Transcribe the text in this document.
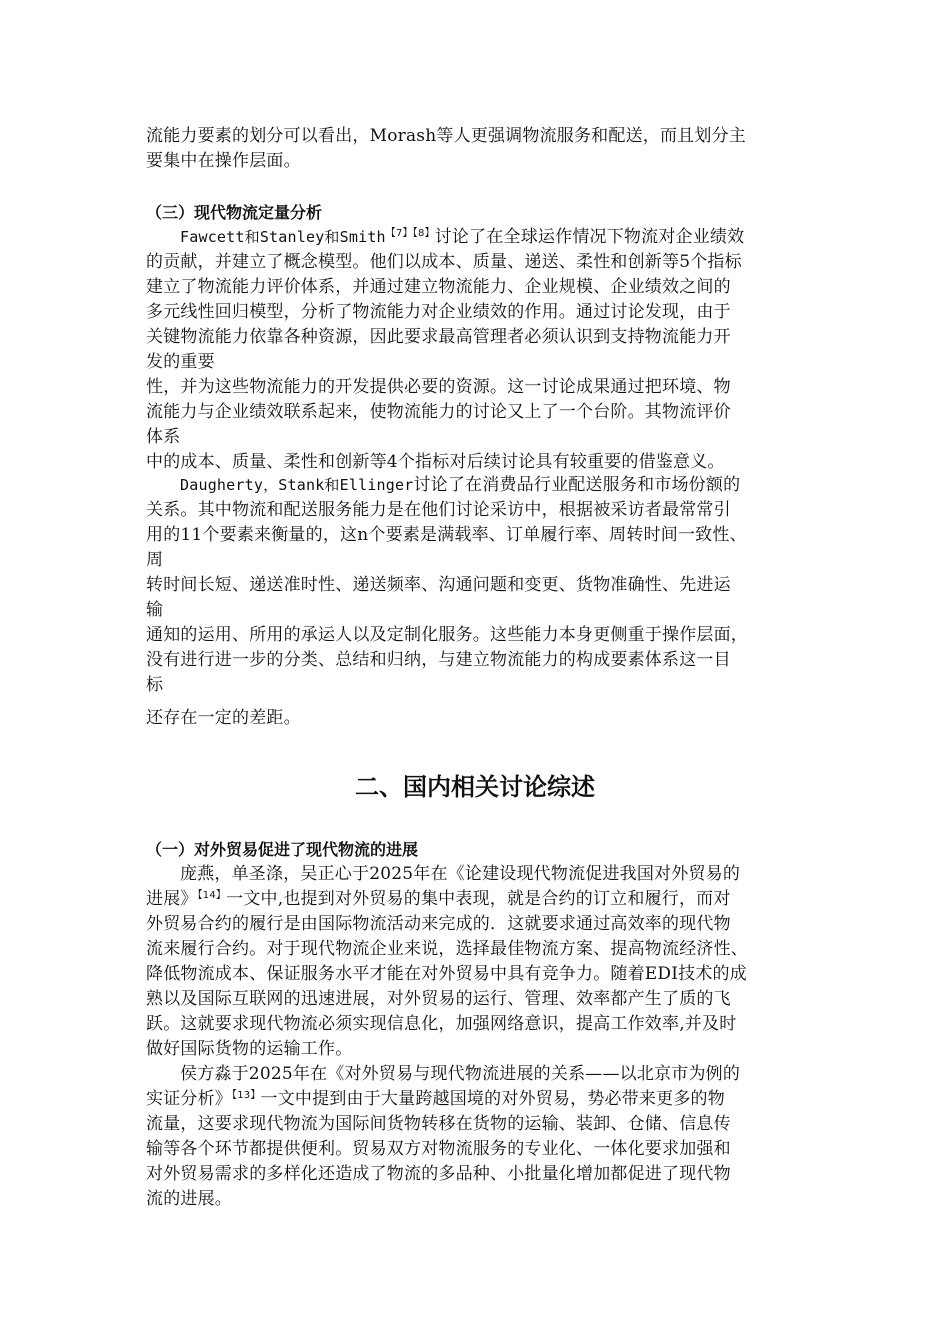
流能力要素的划分可以看出，Morash等人更强调物流服务和配送，而且划分主
要集中在操作层面。
（三）现代物流定量分析
Fawcett和Stanley和Smith$^{【7】【8】}$讨论了在全球运作情况下物流对企业绩效
的贡献，并建立了概念模型。他们以成本、质量、递送、柔性和创新等5个指标
建立了物流能力评价体系，并通过建立物流能力、企业规模、企业绩效之间的
多元线性回归模型，分析了物流能力对企业绩效的作用。通过讨论发现，由于
关键物流能力依靠各种资源，因此要求最高管理者必须认识到支持物流能力开
发的重要
性，并为这些物流能力的开发提供必要的资源。这一讨论成果通过把环境、物
流能力与企业绩效联系起来，使物流能力的讨论又上了一个台阶。其物流评价
体系
中的成本、质量、柔性和创新等4个指标对后续讨论具有较重要的借鉴意义。
Daugherty，Stank和Ellinger讨论了在消费品行业配送服务和市场份额的
关系。其中物流和配送服务能力是在他们讨论采访中，根据被采访者最常常引
用的11个要素来衡量的，这n个要素是满载率、订单履行率、周转时间一致性、
周
转时间长短、递送准时性、递送频率、沟通问题和变更、货物准确性、先进运
输
通知的运用、所用的承运人以及定制化服务。这些能力本身更侧重于操作层面，
没有进行进一步的分类、总结和归纳，与建立物流能力的构成要素体系这一目
标
还存在一定的差距。
二、国内相关讨论综述
（一）对外贸易促进了现代物流的进展
庞燕，单圣涤，吴正心于2025年在《论建设现代物流促进我国对外贸易的
进展》$^{【14】}$一文中,也提到对外贸易的集中表现，就是合约的订立和履行，而对
外贸易合约的履行是由国际物流活动来完成的．这就要求通过高效率的现代物
流来履行合约。对于现代物流企业来说，选择最佳物流方案、提高物流经济性、
降低物流成本、保证服务水平才能在对外贸易中具有竞争力。随着EDI技术的成
熟以及国际互联网的迅速进展，对外贸易的运行、管理、效率都产生了质的飞
跃。这就要求现代物流必须实现信息化，加强网络意识，提高工作效率,并及时
做好国际货物的运输工作。
侯方淼于2025年在《对外贸易与现代物流进展的关系——以北京市为例的
实证分析》$^{【13】}$一文中提到由于大量跨越国境的对外贸易，势必带来更多的物
流量，这要求现代物流为国际间货物转移在货物的运输、装卸、仓储、信息传
输等各个环节都提供便利。贸易双方对物流服务的专业化、一体化要求加强和
对外贸易需求的多样化还造成了物流的多品种、小批量化增加都促进了现代物
流的进展。
